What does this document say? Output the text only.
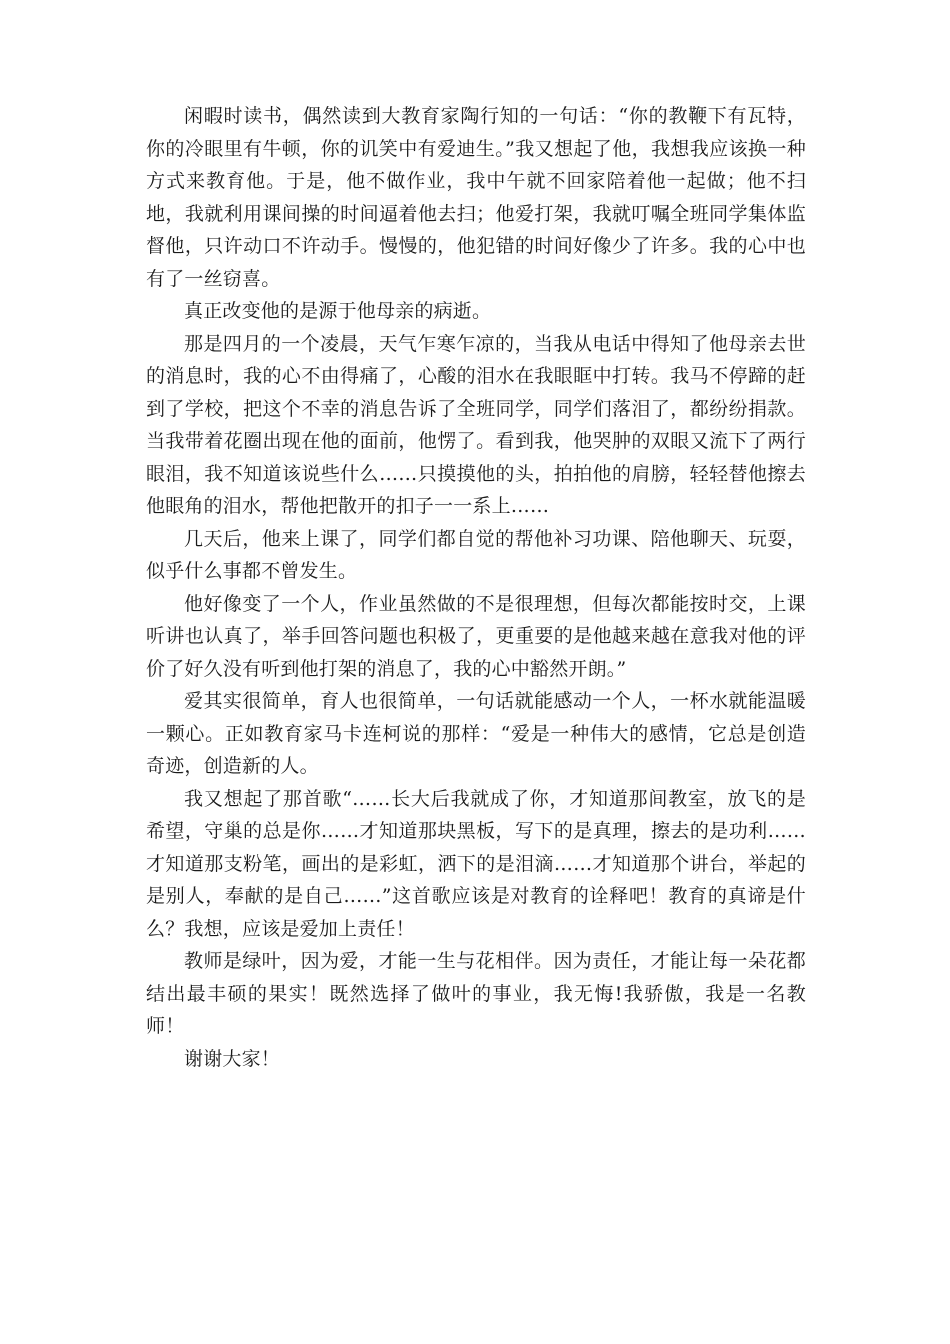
闲暇时读书，偶然读到大教育家陶行知的一句话：“你的教鞭下有瓦特，你的冷眼里有牛顿，你的讥笑中有爱迪生。”我又想起了他，我想我应该换一种方式来教育他。于是，他不做作业，我中午就不回家陪着他一起做；他不扫地，我就利用课间操的时间逼着他去扫；他爱打架，我就叮嘱全班同学集体监督他，只许动口不许动手。慢慢的，他犯错的时间好像少了许多。我的心中也有了一丝窃喜。

真正改变他的是源于他母亲的病逝。

那是四月的一个凌晨，天气乍寒乍凉的，当我从电话中得知了他母亲去世的消息时，我的心不由得痛了，心酸的泪水在我眼眶中打转。我马不停蹄的赶到了学校，把这个不幸的消息告诉了全班同学，同学们落泪了，都纷纷捐款。当我带着花圈出现在他的面前，他愣了。看到我，他哭肿的双眼又流下了两行眼泪，我不知道该说些什么……只摸摸他的头，拍拍他的肩膀，轻轻替他擦去他眼角的泪水，帮他把散开的扣子一一系上……

几天后，他来上课了，同学们都自觉的帮他补习功课、陪他聊天、玩耍，似乎什么事都不曾发生。

他好像变了一个人，作业虽然做的不是很理想，但每次都能按时交，上课听讲也认真了，举手回答问题也积极了，更重要的是他越来越在意我对他的评价了好久没有听到他打架的消息了，我的心中豁然开朗。”

爱其实很简单，育人也很简单，一句话就能感动一个人，一杯水就能温暖一颗心。正如教育家马卡连柯说的那样：“爱是一种伟大的感情，它总是创造奇迹，创造新的人。

我又想起了那首歌“……长大后我就成了你，才知道那间教室，放飞的是希望，守巢的总是你……才知道那块黑板，写下的是真理，擦去的是功利……才知道那支粉笔，画出的是彩虹，洒下的是泪滴……才知道那个讲台，举起的是别人，奉献的是自己……”这首歌应该是对教育的诠释吧！教育的真谛是什么？我想，应该是爱加上责任！

教师是绿叶，因为爱，才能一生与花相伴。因为责任，才能让每一朵花都结出最丰硕的果实！既然选择了做叶的事业，我无悔!我骄傲，我是一名教师！

谢谢大家！
